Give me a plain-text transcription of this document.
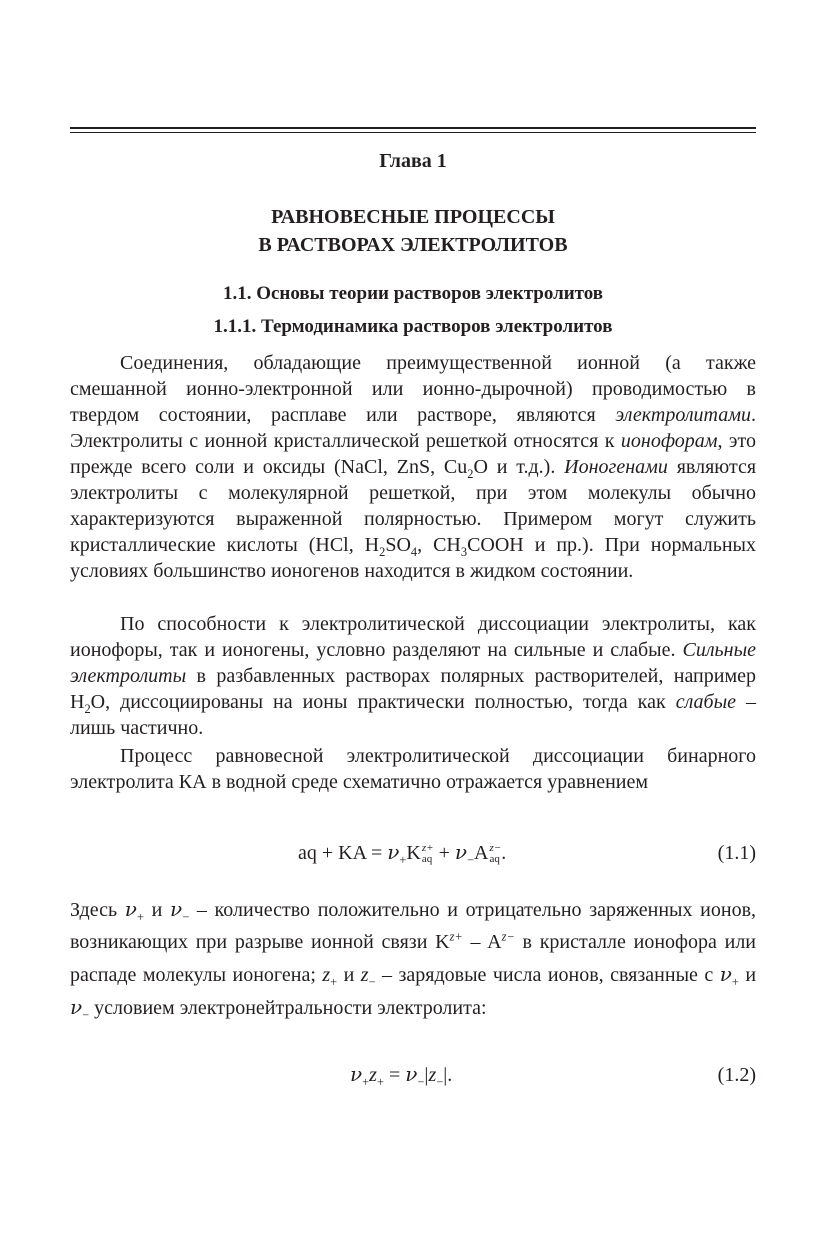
Глава 1
РАВНОВЕСНЫЕ ПРОЦЕССЫ
В РАСТВОРАХ ЭЛЕКТРОЛИТОВ
1.1. Основы теории растворов электролитов
1.1.1. Термодинамика растворов электролитов

Соединения, обладающие преимущественной ионной (а также смешанной ионно-электронной или ионно-дырочной) проводимостью в твердом состоянии, расплаве или растворе, являются электролитами. Электролиты с ионной кристаллической решеткой относятся к ионофорам, это прежде всего соли и оксиды (NaCl, ZnS, $Cu_2O$ и т.д.). Ионогенами являются электролиты с молекулярной решеткой, при этом молекулы обычно характеризуются выраженной полярностью. Примером могут служить кристаллические кислоты (HCl, $H_2SO_4$, $CH_3COOH$ и пр.). При нормальных условиях большинство ионогенов находится в жидком состоянии.

По способности к электролитической диссоциации электролиты, как ионофоры, так и ионогены, условно разделяют на сильные и слабые. Сильные электролиты в разбавленных растворах полярных растворителей, например $H_2O$, диссоциированы на ионы практически полностью, тогда как слабые – лишь частично.

Процесс равновесной электролитической диссоциации бинарного электролита КА в водной среде схематично отражается уравнением

aq + KA = $\nu_+K$ z+
aq + $\nu_-A$ z−
aq .	(1.1)

Здесь $\nu_+$ и $\nu_-$ – количество положительно и отрицательно заряженных ионов, возникающих при разрыве ионной связи $K^{z+} - A^{z-}$ в кристалле ионофора или распаде молекулы ионогена; $z_+$ и $z_-$ – зарядовые числа ионов, связанные с $\nu_+$ и $\nu_-$ условием электронейтральности электролита:

$\nu_+z_+ = \nu_-|z_-|$.	(1.2)
